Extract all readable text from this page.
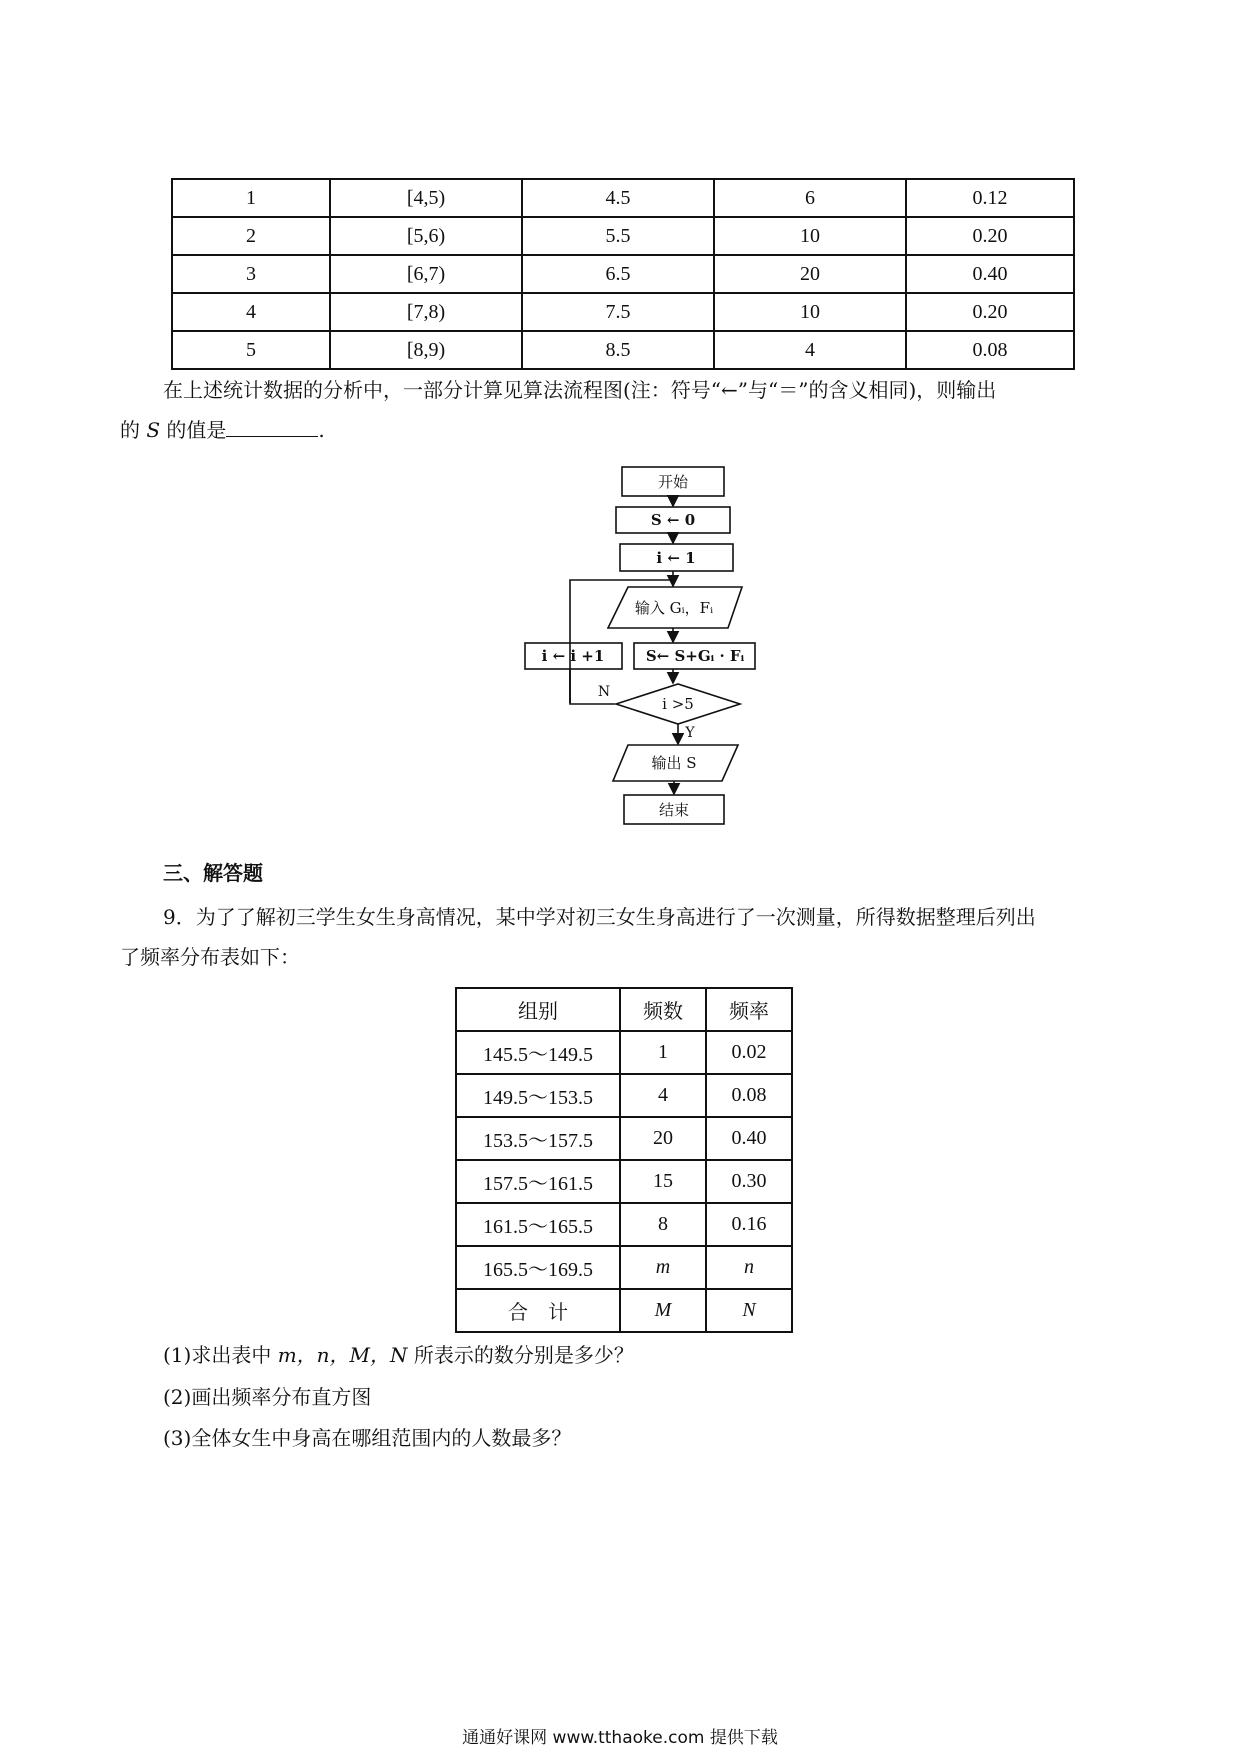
1	[4,5)	4.5	6	0.12
2	[5,6)	5.5	10	0.20
3	[6,7)	6.5	20	0.40
4	[7,8)	7.5	10	0.20
5	[8,9)	8.5	4	0.08
在上述统计数据的分析中，一部分计算见算法流程图(注：符号“←”与“＝”的含义相同)，则输出
的 S 的值是	.
开始
S ← 0
i ← 1
输入 Gᵢ，Fᵢ
S← S+Gᵢ · Fᵢ
i ← i +1
i >5
N
Y
输出 S
结束
三、解答题
9．为了了解初三学生女生身高情况，某中学对初三女生身高进行了一次测量，所得数据整理后列出
了频率分布表如下：
组别	频数	频率
145.5～149.5	1	0.02
149.5～153.5	4	0.08
153.5～157.5	20	0.40
157.5～161.5	15	0.30
161.5～165.5	8	0.16
165.5～169.5	m	n
合　计	M	N
(1)求出表中 m，n，M，N 所表示的数分别是多少？
(2)画出频率分布直方图
(3)全体女生中身高在哪组范围内的人数最多？
通通好课网 www.tthaoke.com 提供下载
